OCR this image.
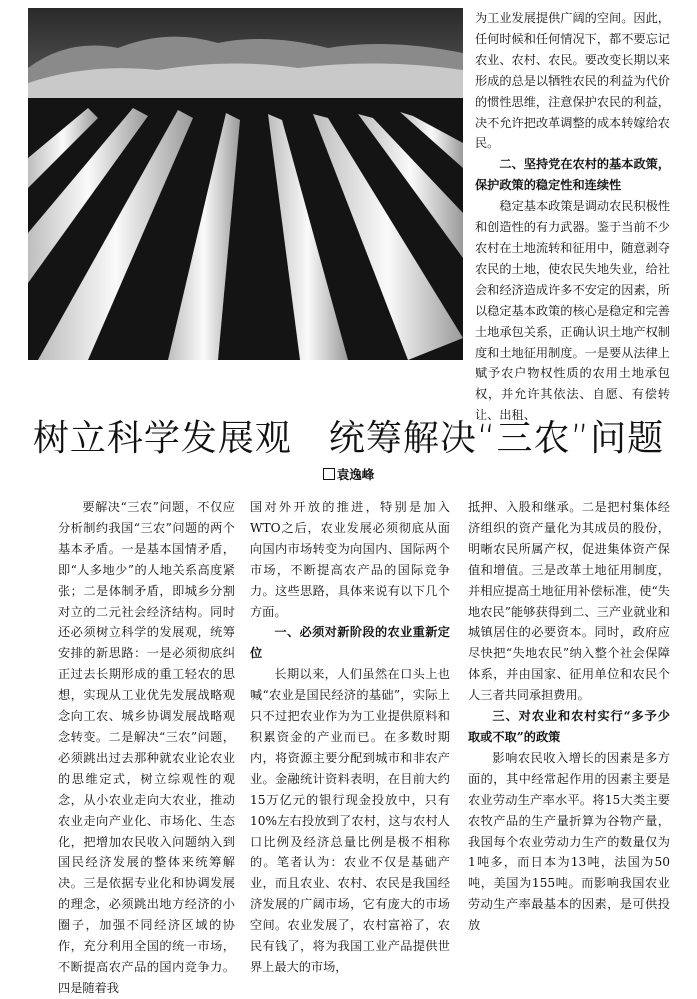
为工业发展提供广阔的空间。因此，任何时候和任何情况下，都不要忘记农业、农村、农民。要改变长期以来形成的总是以牺牲农民的利益为代价的惯性思维，注意保护农民的利益，决不允许把改革调整的成本转嫁给农民。

二、坚持党在农村的基本政策，保护政策的稳定性和连续性

稳定基本政策是调动农民积极性和创造性的有力武器。鉴于当前不少农村在土地流转和征用中，随意剥夺农民的土地，使农民失地失业，给社会和经济造成许多不安定的因素，所以稳定基本政策的核心是稳定和完善土地承包关系，正确认识土地产权制度和土地征用制度。一是要从法律上赋予农户物权性质的农用土地承包权，并允许其依法、自愿、有偿转让、出租、

树立科学发展观　统筹解决“三农”问题
袁逸峰

要解决“三农”问题，不仅应分析制约我国“三农”问题的两个基本矛盾。一是基本国情矛盾，即“人多地少”的人地关系高度紧张；二是体制矛盾，即城乡分割对立的二元社会经济结构。同时还必须树立科学的发展观，统筹安排的新思路：一是必须彻底纠正过去长期形成的重工轻农的思想，实现从工业优先发展战略观念向工农、城乡协调发展战略观念转变。二是解决“三农”问题，必须跳出过去那种就农业论农业的思维定式，树立综观性的观念，从小农业走向大农业，推动农业走向产业化、市场化、生态化，把增加农民收入问题纳入到国民经济发展的整体来统筹解决。三是依据专业化和协调发展的理念，必须跳出地方经济的小圈子，加强不同经济区域的协作，充分利用全国的统一市场，不断提高农产品的国内竞争力。四是随着我

国对外开放的推进，特别是加入WTO之后，农业发展必须彻底从面向国内市场转变为向国内、国际两个市场，不断提高农产品的国际竞争力。这些思路，具体来说有以下几个方面。

一、必须对新阶段的农业重新定位

长期以来，人们虽然在口头上也喊“农业是国民经济的基础”，实际上只不过把农业作为为工业提供原料和积累资金的产业而已。在多数时期内，将资源主要分配到城市和非农产业。金融统计资料表明，在目前大约15万亿元的银行现金投放中，只有10%左右投放到了农村，这与农村人口比例及经济总量比例是极不相称的。笔者认为：农业不仅是基础产业，而且农业、农村、农民是我国经济发展的广阔市场，它有庞大的市场空间。农业发展了，农村富裕了，农民有钱了，将为我国工业产品提供世界上最大的市场，

抵押、入股和继承。二是把村集体经济组织的资产量化为其成员的股份，明晰农民所属产权，促进集体资产保值和增值。三是改革土地征用制度，并相应提高土地征用补偿标准，使“失地农民”能够获得到二、三产业就业和城镇居住的必要资本。同时，政府应尽快把“失地农民”纳入整个社会保障体系，并由国家、征用单位和农民个人三者共同承担费用。

三、对农业和农村实行“多予少取或不取”的政策

影响农民收入增长的因素是多方面的，其中经常起作用的因素主要是农业劳动生产率水平。将15大类主要农牧产品的生产量折算为谷物产量，我国每个农业劳动力生产的数量仅为1吨多，而日本为13吨，法国为50吨，美国为155吨。而影响我国农业劳动生产率最基本的因素，是可供投放
